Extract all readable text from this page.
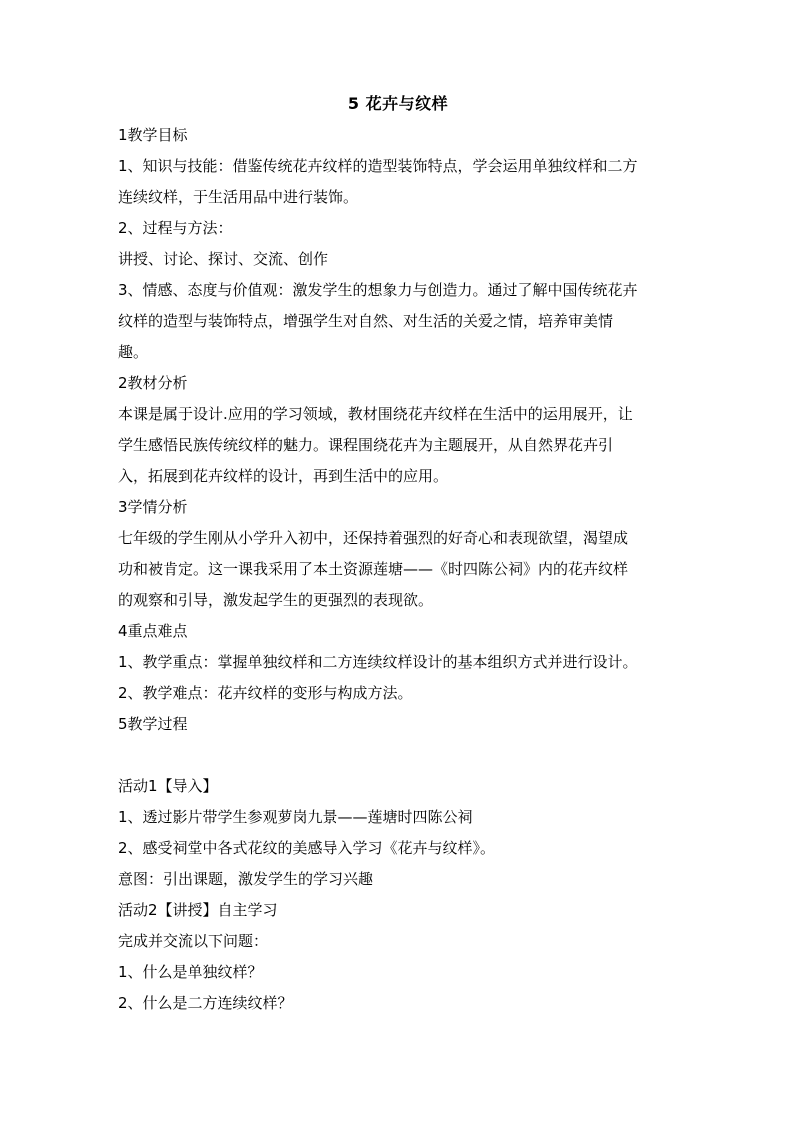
5 花卉与纹样
1教学目标
1、知识与技能：借鉴传统花卉纹样的造型装饰特点，学会运用单独纹样和二方
连续纹样，于生活用品中进行装饰。
2、过程与方法：
讲授、讨论、探讨、交流、创作
3、情感、态度与价值观：激发学生的想象力与创造力。通过了解中国传统花卉
纹样的造型与装饰特点，增强学生对自然、对生活的关爱之情，培养审美情
趣。
2教材分析
本课是属于设计.应用的学习领域，教材围绕花卉纹样在生活中的运用展开，让
学生感悟民族传统纹样的魅力。课程围绕花卉为主题展开，从自然界花卉引
入，拓展到花卉纹样的设计，再到生活中的应用。
3学情分析
七年级的学生刚从小学升入初中，还保持着强烈的好奇心和表现欲望，渴望成
功和被肯定。这一课我采用了本土资源莲塘——《时四陈公祠》内的花卉纹样
的观察和引导，激发起学生的更强烈的表现欲。
4重点难点
1、教学重点：掌握单独纹样和二方连续纹样设计的基本组织方式并进行设计。
2、教学难点：花卉纹样的变形与构成方法。
5教学过程
活动1【导入】
1、透过影片带学生参观萝岗九景——莲塘时四陈公祠
2、感受祠堂中各式花纹的美感导入学习《花卉与纹样》。
意图：引出课题，激发学生的学习兴趣
活动2【讲授】自主学习
完成并交流以下问题：
1、什么是单独纹样？
2、什么是二方连续纹样？
